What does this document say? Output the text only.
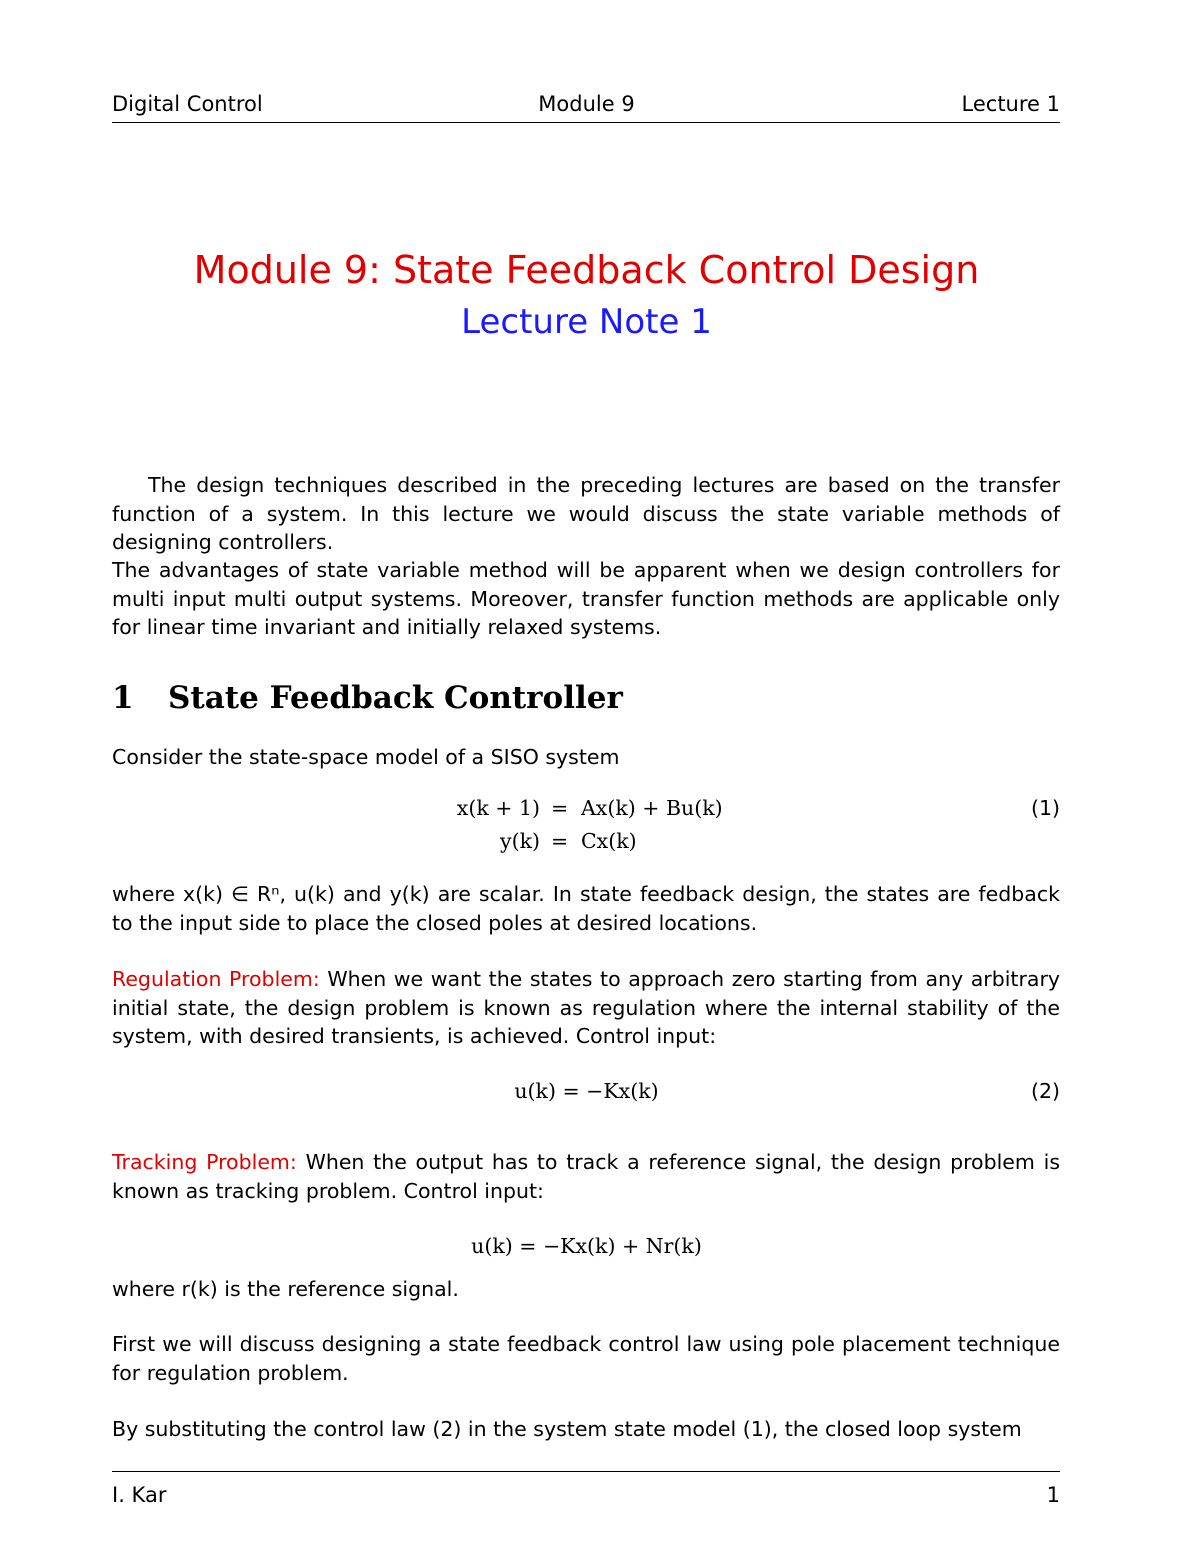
Digital Control	Module 9	Lecture 1
Module 9: State Feedback Control Design
Lecture Note 1
The design techniques described in the preceding lectures are based on the transfer function of a system. In this lecture we would discuss the state variable methods of designing controllers.
The advantages of state variable method will be apparent when we design controllers for multi input multi output systems. Moreover, transfer function methods are applicable only for linear time invariant and initially relaxed systems.
1 State Feedback Controller
Consider the state-space model of a SISO system
x(k + 1) = Ax(k) + Bu(k)	(1)
y(k) = Cx(k)
where x(k) ∈ Rⁿ, u(k) and y(k) are scalar. In state feedback design, the states are fedback to the input side to place the closed poles at desired locations.
Regulation Problem: When we want the states to approach zero starting from any arbitrary initial state, the design problem is known as regulation where the internal stability of the system, with desired transients, is achieved. Control input:
u(k) = −Kx(k)	(2)
Tracking Problem: When the output has to track a reference signal, the design problem is known as tracking problem. Control input:
u(k) = −Kx(k) + Nr(k)
where r(k) is the reference signal.
First we will discuss designing a state feedback control law using pole placement technique for regulation problem.
By substituting the control law (2) in the system state model (1), the closed loop system
I. Kar	1
